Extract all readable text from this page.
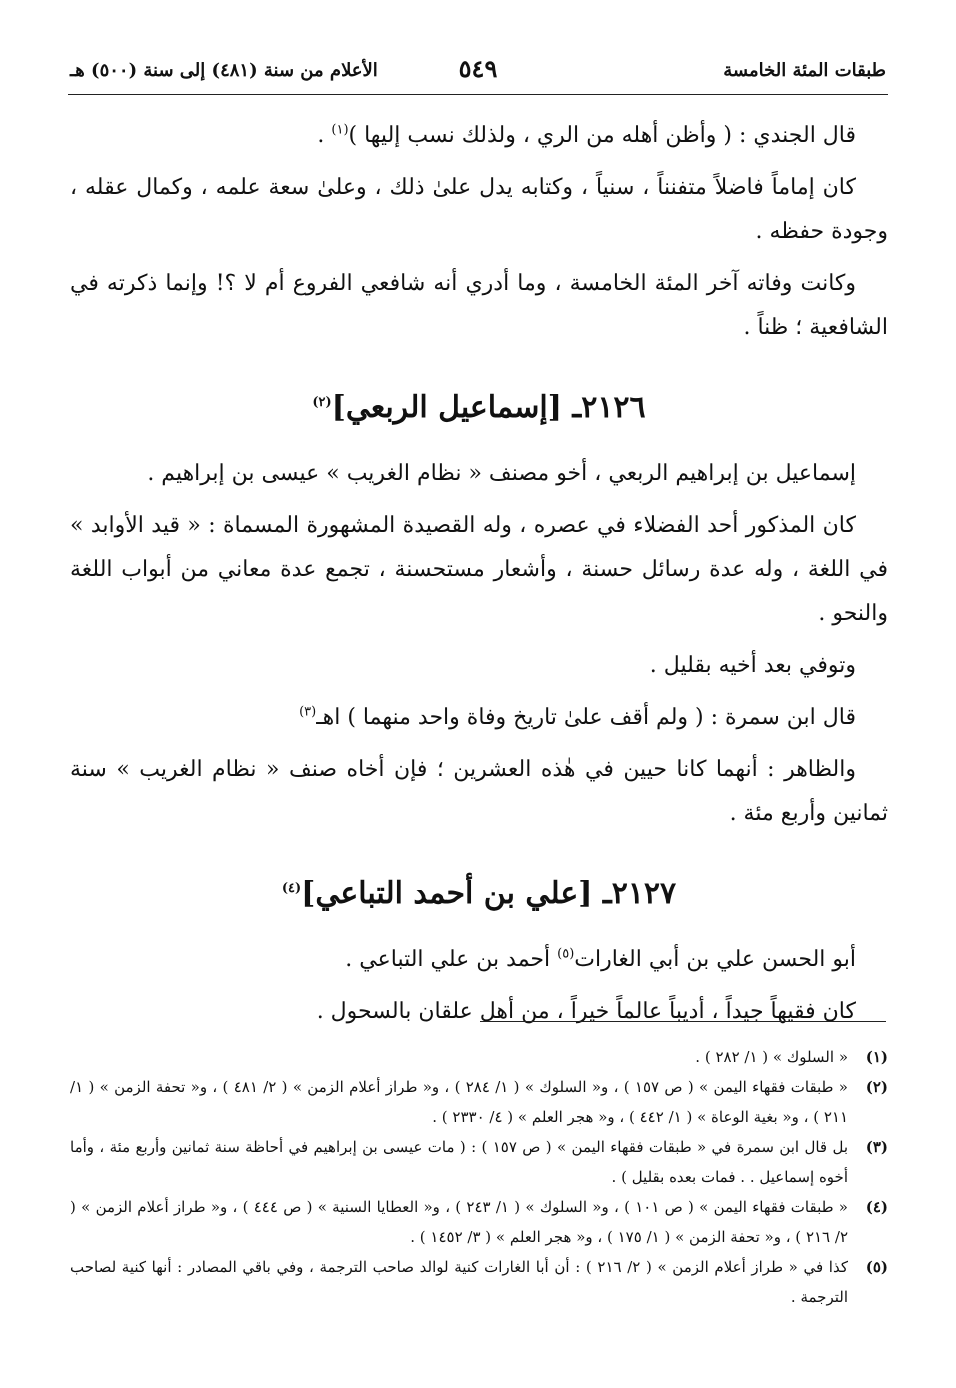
طبقات المئة الخامسة
٥٤٩
الأعلام من سنة (٤٨١) إلى سنة (٥٠٠) هـ

قال الجندي : ( وأظن أهله من الري ، ولذلك نسب إليها )$^{(١)}$ .

كان إماماً فاضلاً متفنناً ، سنياً ، وكتابه يدل علىٰ ذلك ، وعلىٰ سعة علمه ، وكمال عقله ، وجودة حفظه .

وكانت وفاته آخر المئة الخامسة ، وما أدري أنه شافعي الفروع أم لا ؟! وإنما ذكرته في الشافعية ؛ ظناً .

٢١٢٦ـ [إسماعيل الربعي]$^{(٢)}$

إسماعيل بن إبراهيم الربعي ، أخو مصنف « نظام الغريب » عيسى بن إبراهيم .

كان المذكور أحد الفضلاء في عصره ، وله القصيدة المشهورة المسماة : « قيد الأوابد » في اللغة ، وله عدة رسائل حسنة ، وأشعار مستحسنة ، تجمع عدة معاني من أبواب اللغة والنحو .

وتوفي بعد أخيه بقليل .

قال ابن سمرة : ( ولم أقف علىٰ تاريخ وفاة واحد منهما ) اهـ$^{(٣)}$

والظاهر : أنهما كانا حيين في هٰذه العشرين ؛ فإن أخاه صنف « نظام الغريب » سنة ثمانين وأربع مئة .

٢١٢٧ـ [علي بن أحمد التباعي]$^{(٤)}$

أبو الحسن علي بن أبي الغارات$^{(٥)}$ أحمد بن علي التباعي .

كان فقيهاً جيداً ، أديباً عالماً خيراً ، من أهل علقان بالسحول .

(١)
« السلوك » ( ١/ ٢٨٢ ) .
(٢)
« طبقات فقهاء اليمن » ( ص ١٥٧ ) ، و« السلوك » ( ١/ ٢٨٤ ) ، و« طراز أعلام الزمن » ( ٢/ ٤٨١ ) ، و« تحفة الزمن » ( ١/ ٢١١ ) ، و« بغية الوعاة » ( ١/ ٤٤٢ ) ، و« هجر العلم » ( ٤/ ٢٣٣٠ ) .
(٣)
بل قال ابن سمرة في « طبقات فقهاء اليمن » ( ص ١٥٧ ) : ( مات عيسى بن إبراهيم في أحاظة سنة ثمانين وأربع مئة ، وأما أخوه إسماعيل . . فمات بعده بقليل ) .
(٤)
« طبقات فقهاء اليمن » ( ص ١٠١ ) ، و« السلوك » ( ١/ ٢٤٣ ) ، و« العطايا السنية » ( ص ٤٤٤ ) ، و« طراز أعلام الزمن » ( ٢/ ٢١٦ ) ، و« تحفة الزمن » ( ١/ ١٧٥ ) ، و« هجر العلم » ( ٣/ ١٤٥٢ ) .
(٥)
كذا في « طراز أعلام الزمن » ( ٢/ ٢١٦ ) : أن أبا الغارات كنية لوالد صاحب الترجمة ، وفي باقي المصادر : أنها كنية لصاحب الترجمة .
